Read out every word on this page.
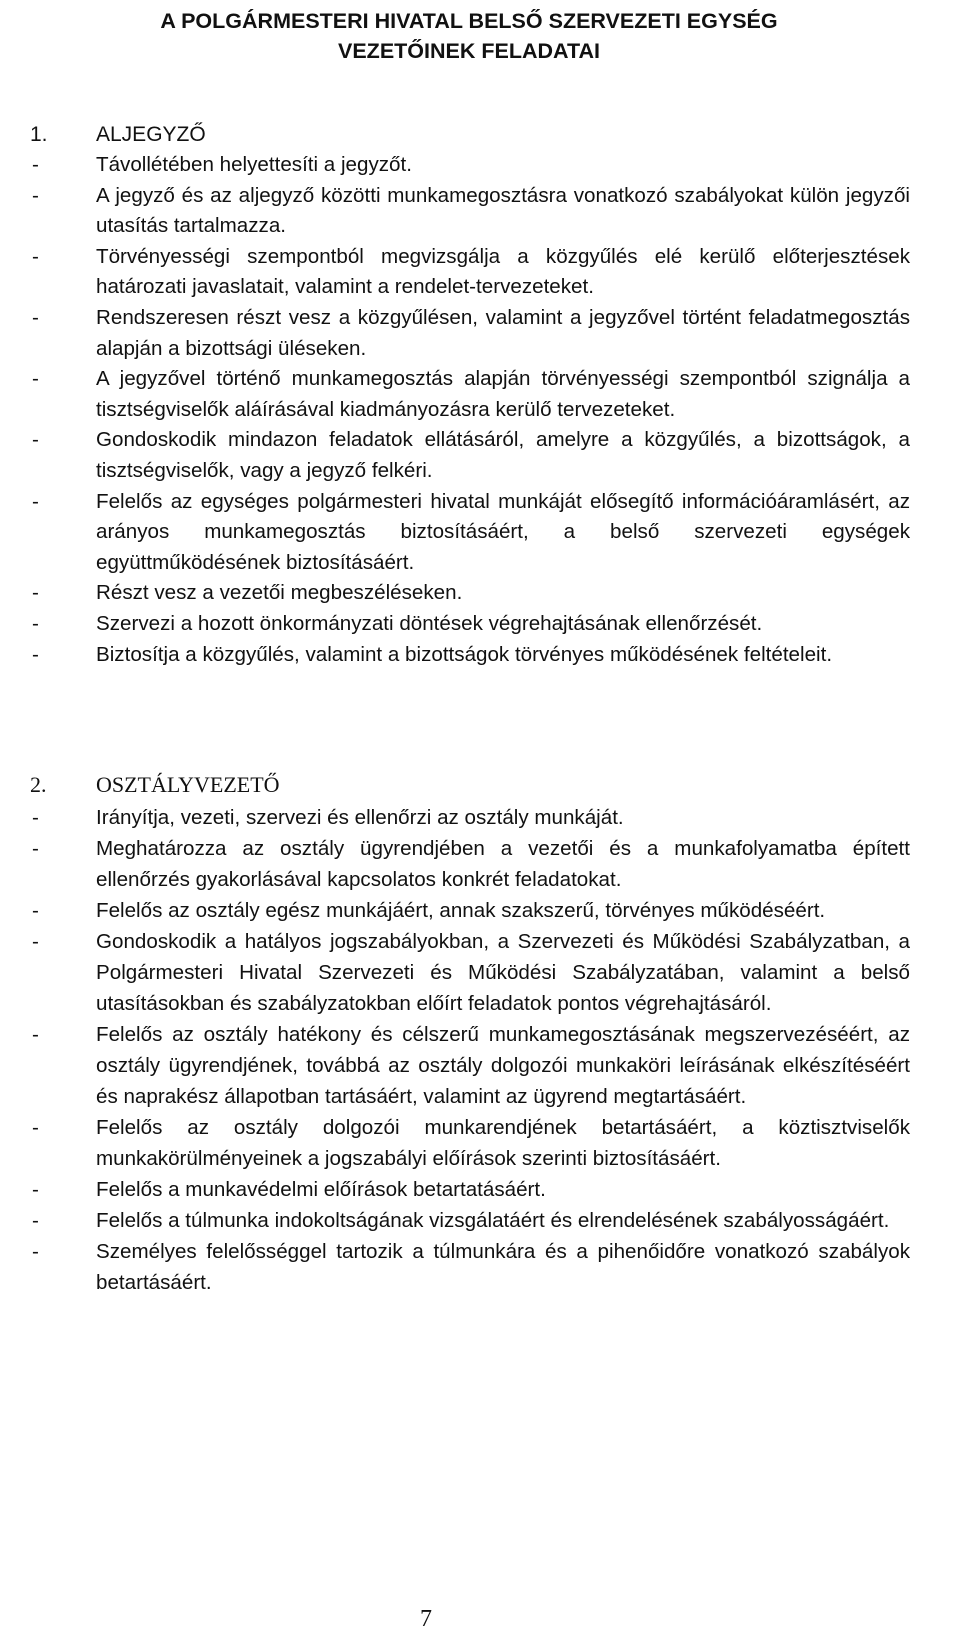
A POLGÁRMESTERI HIVATAL BELSŐ SZERVEZETI EGYSÉG
VEZETŐINEK FELADATAI
1. ALJEGYZŐ
-	Távollétében helyettesíti a jegyzőt.
-	A jegyző és az aljegyző közötti munkamegosztásra vonatkozó szabályokat külön jegyzői utasítás tartalmazza.
-	Törvényességi szempontból megvizsgálja a közgyűlés elé kerülő előterjesztések határozati javaslatait, valamint a rendelet-tervezeteket.
-	Rendszeresen részt vesz a közgyűlésen, valamint a jegyzővel történt feladatmegosztás alapján a bizottsági üléseken.
-	A jegyzővel történő munkamegosztás alapján törvényességi szempontból szignálja a tisztségviselők aláírásával kiadmányozásra kerülő tervezeteket.
-	Gondoskodik mindazon feladatok ellátásáról, amelyre a közgyűlés, a bizottságok, a tisztségviselők, vagy a jegyző felkéri.
-	Felelős az egységes polgármesteri hivatal munkáját elősegítő információáramlásért, az arányos munkamegosztás biztosításáért, a belső szervezeti egységek együttműködésének biztosításáért.
-	Részt vesz a vezetői megbeszéléseken.
-	Szervezi a hozott önkormányzati döntések végrehajtásának ellenőrzését.
-	Biztosítja a közgyűlés, valamint a bizottságok törvényes működésének feltételeit.
2. OSZTÁLYVEZETŐ
-	Irányítja, vezeti, szervezi és ellenőrzi az osztály munkáját.
-	Meghatározza az osztály ügyrendjében a vezetői és a munkafolyamatba épített ellenőrzés gyakorlásával kapcsolatos konkrét feladatokat.
-	Felelős az osztály egész munkájáért, annak szakszerű, törvényes működéséért.
-	Gondoskodik a hatályos jogszabályokban, a Szervezeti és Működési Szabályzatban, a Polgármesteri Hivatal Szervezeti és Működési Szabályzatában, valamint a belső utasításokban és szabályzatokban előírt feladatok pontos végrehajtásáról.
-	Felelős az osztály hatékony és célszerű munkamegosztásának megszervezéséért, az osztály ügyrendjének, továbbá az osztály dolgozói munkaköri leírásának elkészítéséért és naprakész állapotban tartásáért, valamint az ügyrend megtartásáért.
-	Felelős az osztály dolgozói munkarendjének betartásáért, a köztisztviselők munkakörülményeinek a jogszabályi előírások szerinti biztosításáért.
-	Felelős a munkavédelmi előírások betartatásáért.
-	Felelős a túlmunka indokoltságának vizsgálatáért és elrendelésének szabályosságáért.
-	Személyes felelősséggel tartozik a túlmunkára és a pihenőidőre vonatkozó szabályok betartásáért.
7
